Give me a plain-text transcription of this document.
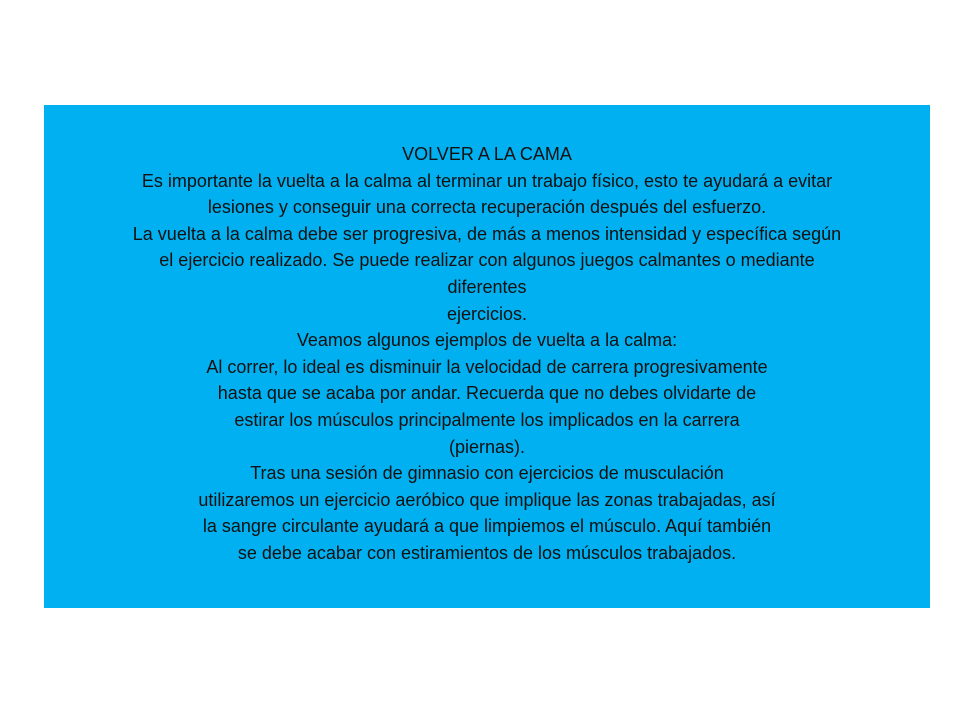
VOLVER A LA CAMA

Es importante la vuelta a la calma al terminar un trabajo físico, esto te ayudará a evitar

lesiones y conseguir una correcta recuperación después del esfuerzo.

La vuelta a la calma debe ser progresiva, de más a menos intensidad y específica según

el ejercicio realizado. Se puede realizar con algunos juegos calmantes o mediante

diferentes

ejercicios.

Veamos algunos ejemplos de vuelta a la calma:

Al correr, lo ideal es disminuir la velocidad de carrera progresivamente

hasta que se acaba por andar. Recuerda que no debes olvidarte de

estirar los músculos principalmente los implicados en la carrera

(piernas).

Tras una sesión de gimnasio con ejercicios de musculación

utilizaremos un ejercicio aeróbico que implique las zonas trabajadas, así

la sangre circulante ayudará a que limpiemos el músculo. Aquí también

se debe acabar con estiramientos de los músculos trabajados.
